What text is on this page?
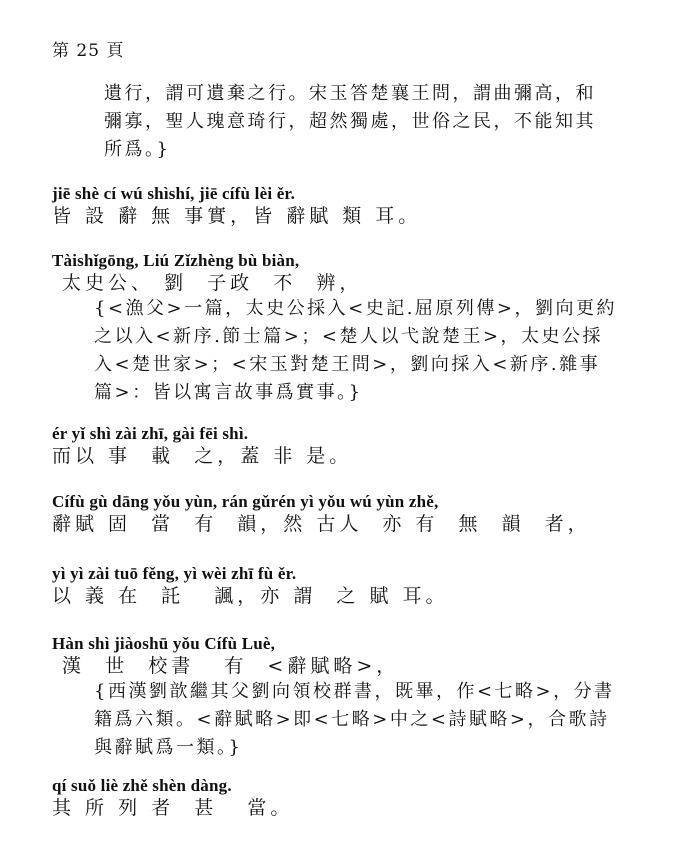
第 25 頁

遺行，謂可遺棄之行。宋玉答楚襄王問，謂曲彌高，和

彌寡，聖人瑰意琦行，超然獨處，世俗之民，不能知其

所爲。}

jiē shè cí wú shìshí, jiē cífù lèi ěr.
皆 設 辭 無 事實，皆 辭賦 類 耳。
Tàishǐgōng, Liú Zǐzhèng bù biàn,
太史公、 劉  子政  不  辨，

{<漁父>一篇，太史公採入<史記.屈原列傳>，劉向更約

之以入<新序.節士篇>；<楚人以弋說楚王>，太史公採

入<楚世家>；<宋玉對楚王問>，劉向採入<新序.雜事

篇>：皆以寓言故事爲實事。}

ér yǐ shì zài zhī, gài fēi shì.
而以 事  載  之，蓋 非 是。
Cífù gù dāng yǒu yùn, rán gǔrén yì yǒu wú yùn zhě,
辭賦 固  當  有  韻，然 古人  亦 有  無  韻  者，
yì yì zài tuō fěng, yì wèi zhī fù ěr.
以 義 在  託   諷，亦 謂  之 賦 耳。
Hàn shì jiàoshū yǒu Cífù Luè,
漢  世  校書   有  <辭賦略>，

{西漢劉歆繼其父劉向領校群書，既畢，作<七略>，分書

籍爲六類。<辭賦略>即<七略>中之<詩賦略>，合歌詩

與辭賦爲一類。}

qí suǒ liè zhě shèn dàng.
其 所 列 者  甚   當。
